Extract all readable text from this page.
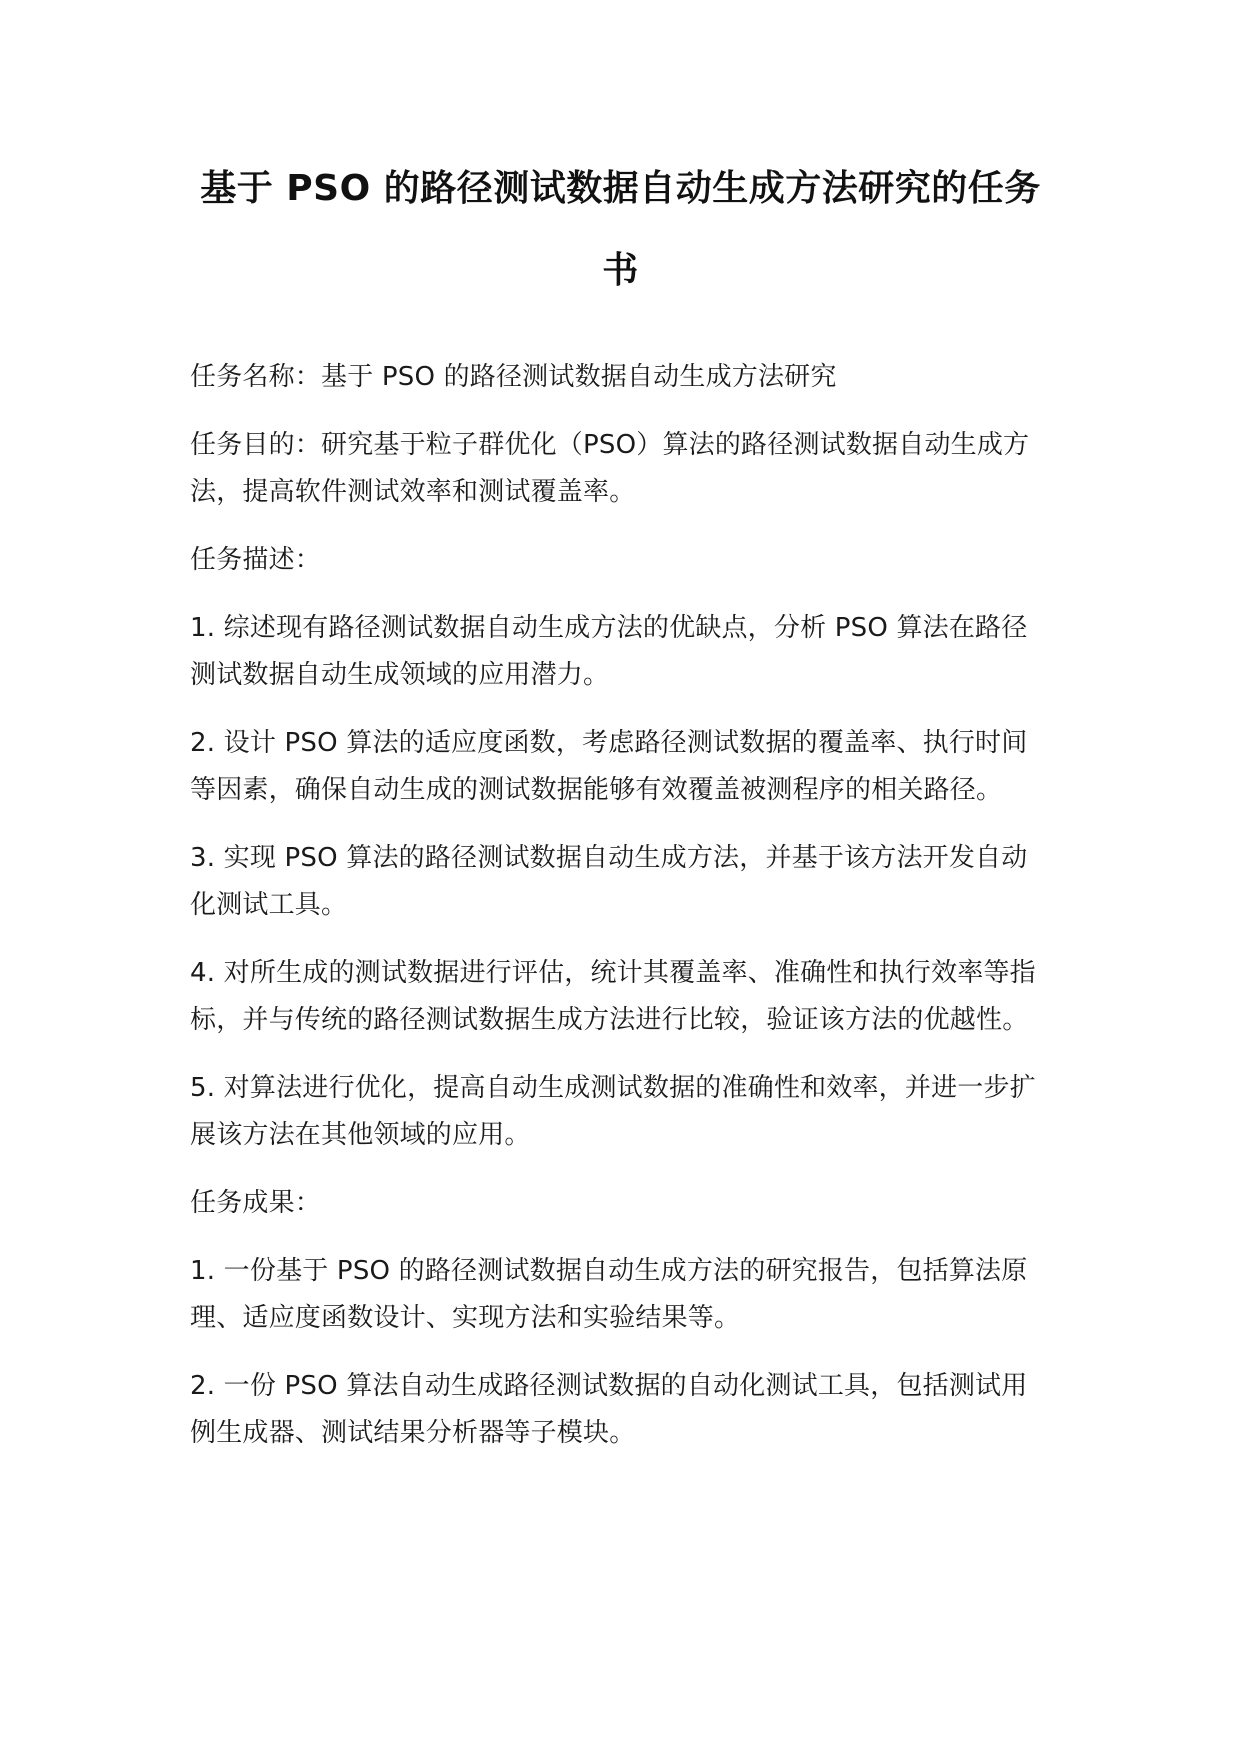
基于 PSO 的路径测试数据自动生成方法研究的任务
书

任务名称：基于 PSO 的路径测试数据自动生成方法研究

任务目的：研究基于粒子群优化（PSO）算法的路径测试数据自动生成方法，提高软件测试效率和测试覆盖率。

任务描述：

1. 综述现有路径测试数据自动生成方法的优缺点，分析 PSO 算法在路径测试数据自动生成领域的应用潜力。

2. 设计 PSO 算法的适应度函数，考虑路径测试数据的覆盖率、执行时间等因素，确保自动生成的测试数据能够有效覆盖被测程序的相关路径。

3. 实现 PSO 算法的路径测试数据自动生成方法，并基于该方法开发自动化测试工具。

4. 对所生成的测试数据进行评估，统计其覆盖率、准确性和执行效率等指标，并与传统的路径测试数据生成方法进行比较，验证该方法的优越性。

5. 对算法进行优化，提高自动生成测试数据的准确性和效率，并进一步扩展该方法在其他领域的应用。

任务成果：

1. 一份基于 PSO 的路径测试数据自动生成方法的研究报告，包括算法原理、适应度函数设计、实现方法和实验结果等。

2. 一份 PSO 算法自动生成路径测试数据的自动化测试工具，包括测试用例生成器、测试结果分析器等子模块。
